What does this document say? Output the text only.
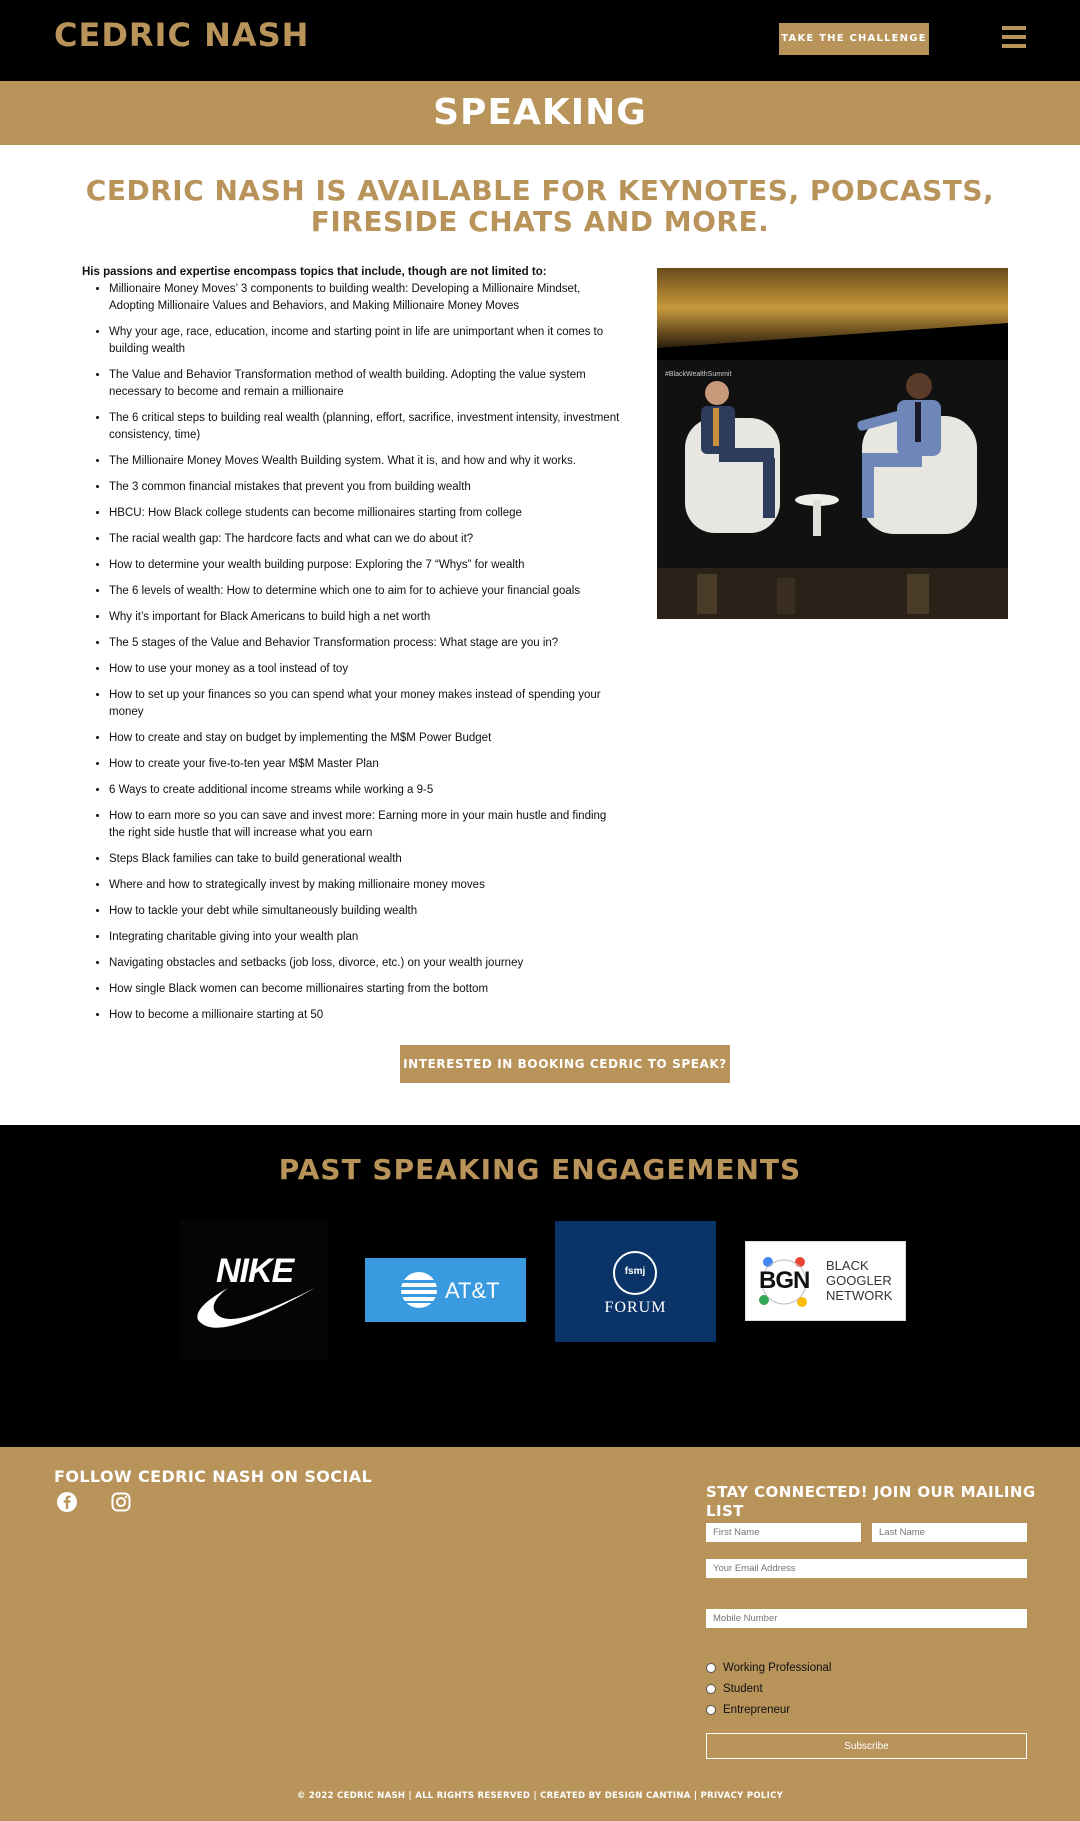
CEDRIC NASH	TAKE THE CHALLENGE
SPEAKING
CEDRIC NASH IS AVAILABLE FOR KEYNOTES, PODCASTS, FIRESIDE CHATS AND MORE.

His passions and expertise encompass topics that include, though are not limited to:

• Millionaire Money Moves’ 3 components to building wealth: Developing a Millionaire Mindset, Adopting Millionaire Values and Behaviors, and Making Millionaire Money Moves
• Why your age, race, education, income and starting point in life are unimportant when it comes to building wealth
• The Value and Behavior Transformation method of wealth building. Adopting the value system necessary to become and remain a millionaire
• The 6 critical steps to building real wealth (planning, effort, sacrifice, investment intensity, investment consistency, time)
• The Millionaire Money Moves Wealth Building system. What it is, and how and why it works.
• The 3 common financial mistakes that prevent you from building wealth
• HBCU: How Black college students can become millionaires starting from college
• The racial wealth gap: The hardcore facts and what can we do about it?
• How to determine your wealth building purpose: Exploring the 7 “Whys” for wealth
• The 6 levels of wealth: How to determine which one to aim for to achieve your financial goals
• Why it’s important for Black Americans to build high a net worth
• The 5 stages of the Value and Behavior Transformation process: What stage are you in?
• How to use your money as a tool instead of toy
• How to set up your finances so you can spend what your money makes instead of spending your money
• How to create and stay on budget by implementing the M$M Power Budget
• How to create your five-to-ten year M$M Master Plan
• 6 Ways to create additional income streams while working a 9-5
• How to earn more so you can save and invest more: Earning more in your main hustle and finding the right side hustle that will increase what you earn
• Steps Black families can take to build generational wealth
• Where and how to strategically invest by making millionaire money moves
• How to tackle your debt while simultaneously building wealth
• Integrating charitable giving into your wealth plan
• Navigating obstacles and setbacks (job loss, divorce, etc.) on your wealth journey
• How single Black women can become millionaires starting from the bottom
• How to become a millionaire starting at 50
#BlackWealthSummit
INTERESTED IN BOOKING CEDRIC TO SPEAK?
PAST SPEAKING ENGAGEMENTS
NIKE
AT&T
fsmj
FORUM
BGN
BLACK
GOOGLER
NETWORK
FOLLOW CEDRIC NASH ON SOCIAL
STAY CONNECTED! JOIN OUR MAILING LIST
First Name
Last Name
Your Email Address
Mobile Number
Working Professional
Student
Entrepreneur
Subscribe
© 2022 CEDRIC NASH | ALL RIGHTS RESERVED | CREATED BY DESIGN CANTINA | PRIVACY POLICY
